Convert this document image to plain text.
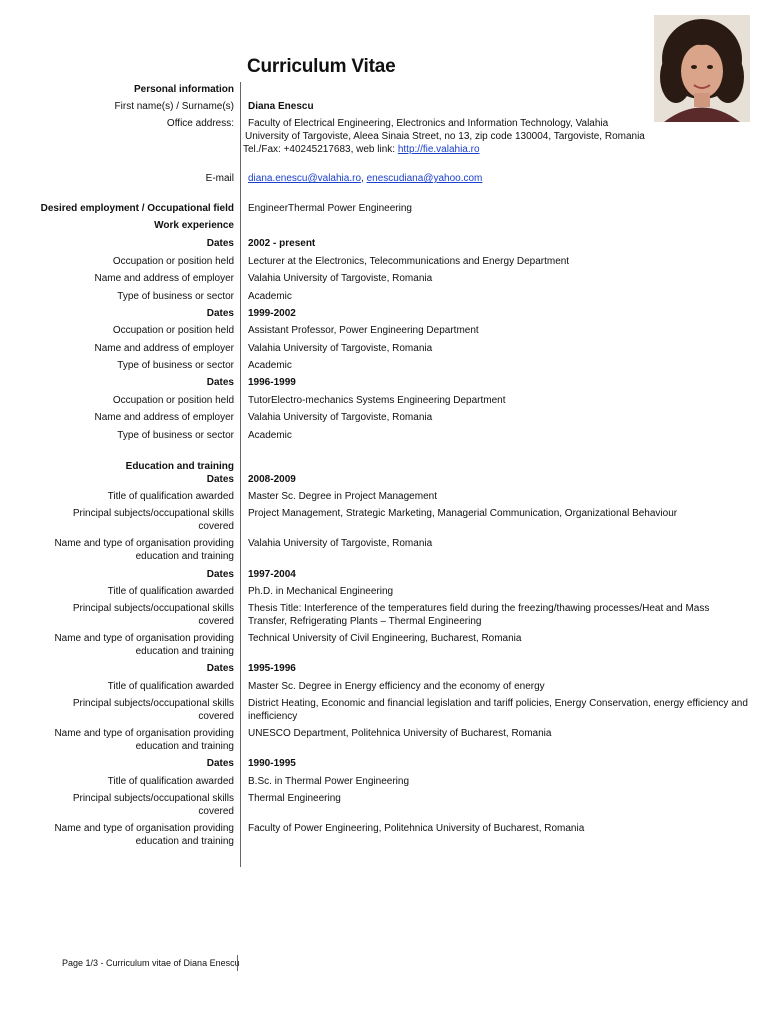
Curriculum Vitae
Personal information
First name(s) / Surname(s) Diana Enescu
Office address: Faculty of Electrical Engineering, Electronics and Information Technology, Valahia
University of Targoviste, Aleea Sinaia Street, no 13, zip code 130004, Targoviste, Romania
Tel./Fax: +40245217683, web link: http://fie.valahia.ro
E-mail diana.enescu@valahia.ro, enescudiana@yahoo.com
Desired employment / Occupational field EngineerThermal Power Engineering
Work experience
Dates 2002 - present
Occupation or position held Lecturer at the Electronics, Telecommunications and Energy Department
Name and address of employer Valahia University of Targoviste, Romania
Type of business or sector Academic
Dates 1999-2002
Occupation or position held Assistant Professor, Power Engineering Department
Name and address of employer Valahia University of Targoviste, Romania
Type of business or sector Academic
Dates 1996-1999
Occupation or position held TutorElectro-mechanics Systems Engineering Department
Name and address of employer Valahia University of Targoviste, Romania
Type of business or sector Academic
Education and training
Dates 2008-2009
Title of qualification awarded Master Sc. Degree in Project Management
Principal subjects/occupational skills
covered
Project Management, Strategic Marketing, Managerial Communication, Organizational Behaviour
Name and type of organisation providing
education and training
Valahia University of Targoviste, Romania
Dates 1997-2004
Title of qualification awarded Ph.D. in Mechanical Engineering
Principal subjects/occupational skills
covered
Thesis Title: Interference of the temperatures field during the freezing/thawing processes/Heat and Mass
Transfer, Refrigerating Plants – Thermal Engineering
Name and type of organisation providing
education and training
Technical University of Civil Engineering, Bucharest, Romania
Dates 1995-1996
Title of qualification awarded Master Sc. Degree in Energy efficiency and the economy of energy
Principal subjects/occupational skills
covered
District Heating, Economic and financial legislation and tariff policies, Energy Conservation, energy efficiency and
inefficiency
Name and type of organisation providing
education and training
UNESCO Department, Politehnica University of Bucharest, Romania
Dates 1990-1995
Title of qualification awarded B.Sc. in Thermal Power Engineering
Principal subjects/occupational skills
covered
Thermal Engineering
Name and type of organisation providing
education and training
Faculty of Power Engineering, Politehnica University of Bucharest, Romania
Page 1/3 - Curriculum vitae of Diana Enescu
